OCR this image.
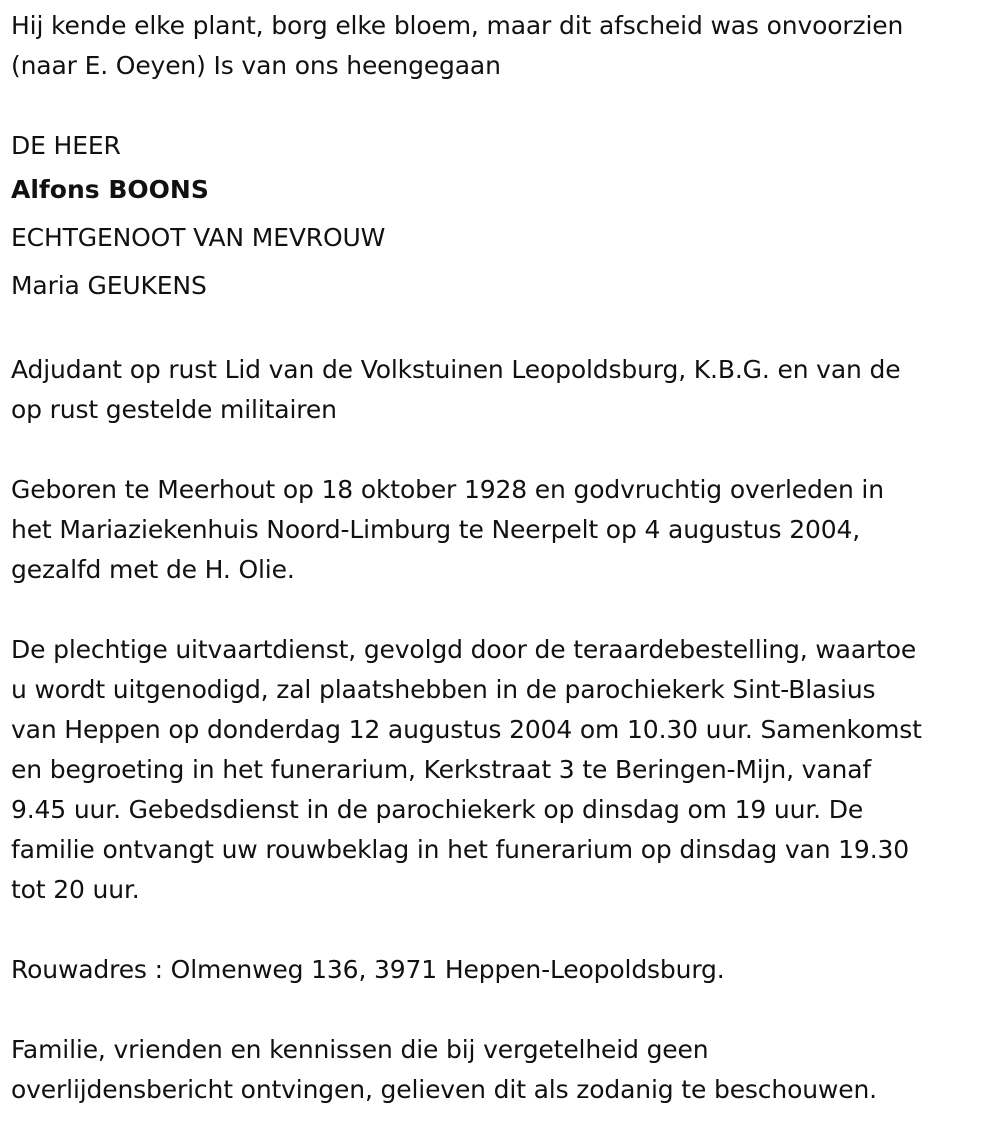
Hij kende elke plant, borg elke bloem, maar dit afscheid was onvoorzien
(naar E. Oeyen) Is van ons heengegaan
DE HEER
Alfons BOONS
ECHTGENOOT VAN MEVROUW
Maria GEUKENS
Adjudant op rust Lid van de Volkstuinen Leopoldsburg, K.B.G. en van de
op rust gestelde militairen
Geboren te Meerhout op 18 oktober 1928 en godvruchtig overleden in
het Mariaziekenhuis Noord-Limburg te Neerpelt op 4 augustus 2004,
gezalfd met de H. Olie.
De plechtige uitvaartdienst, gevolgd door de teraardebestelling, waartoe
u wordt uitgenodigd, zal plaatshebben in de parochiekerk Sint-Blasius
van Heppen op donderdag 12 augustus 2004 om 10.30 uur. Samenkomst
en begroeting in het funerarium, Kerkstraat 3 te Beringen-Mijn, vanaf
9.45 uur. Gebedsdienst in de parochiekerk op dinsdag om 19 uur. De
familie ontvangt uw rouwbeklag in het funerarium op dinsdag van 19.30
tot 20 uur.
Rouwadres : Olmenweg 136, 3971 Heppen-Leopoldsburg.
Familie, vrienden en kennissen die bij vergetelheid geen
overlijdensbericht ontvingen, gelieven dit als zodanig te beschouwen.
